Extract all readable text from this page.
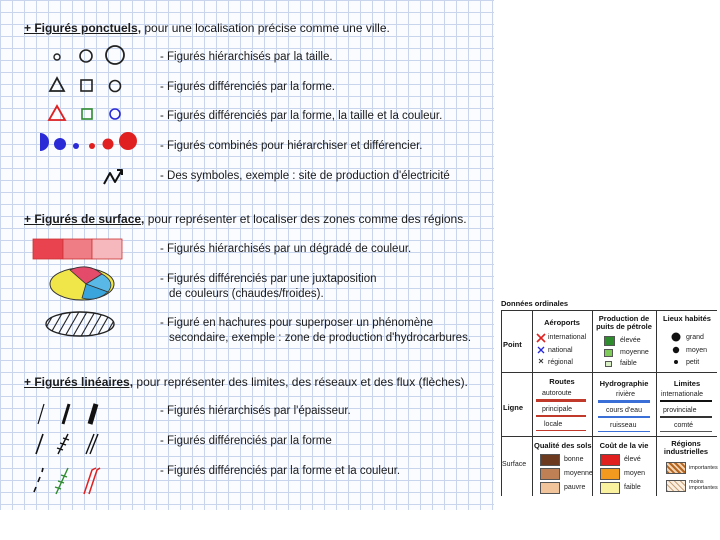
+ Figurés ponctuels, pour une localisation précise comme une ville.
- Figurés hiérarchisés par la taille.
- Figurés différenciés par la forme.
- Figurés différenciés par la forme, la taille et la couleur.
- Figurés combinés pour hiérarchiser et différencier.
- Des symboles, exemple : site de production d'électricité
+ Figurés de surface, pour représenter et localiser des zones comme des régions.
- Figurés hiérarchisés par un dégradé de couleur.
- Figurés différenciés par une juxtaposition
de couleurs (chaudes/froides).
- Figuré en hachures pour superposer un phénomène
secondaire, exemple : zone de production d'hydrocarbures.
+ Figurés linéaires, pour représenter des limites, des réseaux et des flux (flèches).
- Figurés hiérarchisés par l'épaisseur.
- Figurés différenciés par la forme
- Figurés différenciés par la forme et la couleur.
Données ordinales
Point
Ligne
Surface
Aéroports
international
national
régional
Production de puits de pétrole
élevée
moyenne
faible
Lieux habités
grand
moyen
petit
Routes
autoroute
principale
locale
Hydrographie
rivière
cours d'eau
ruisseau
Limites
internationale
provinciale
comté
Qualité des sols
bonne
moyenne
pauvre
Coût de la vie
élevé
moyen
faible
Régions industrielles
importantes
moins importantes
